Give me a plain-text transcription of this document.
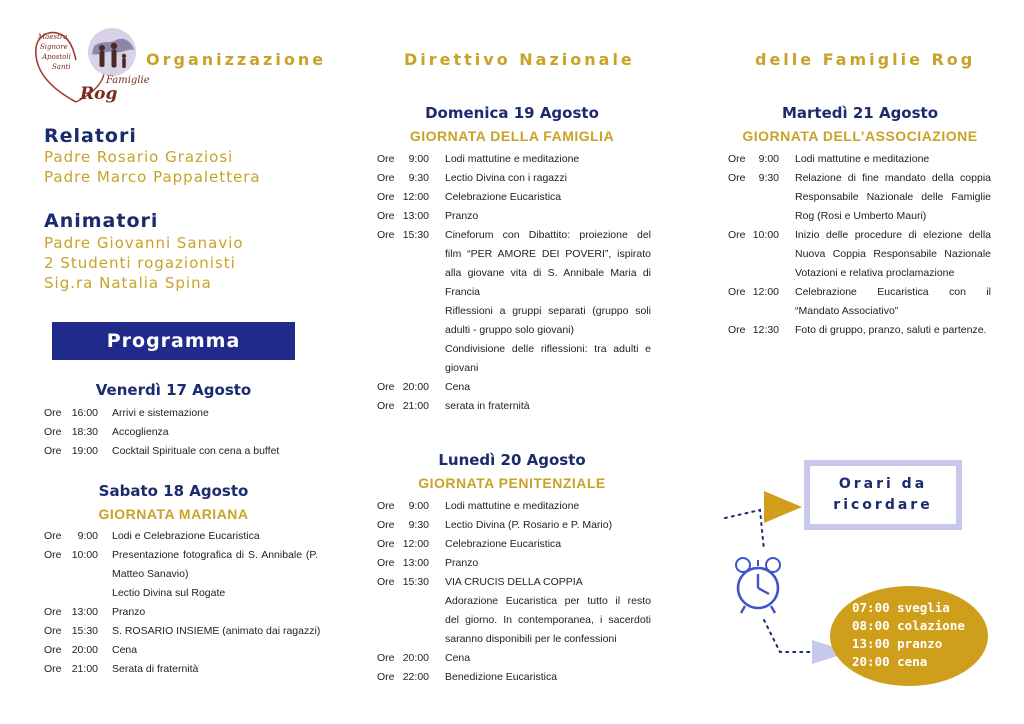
Organizzazione	Direttivo Nazionale	delle Famiglie Rog
Maestra
Signore
Apostoli
Santi
Famiglie
Rog
Relatori
Padre Rosario Graziosi
Padre Marco Pappalettera
Animatori
Padre Giovanni Sanavio
2 Studenti rogazionisti
Sig.ra Natalia Spina
Programma
Venerdì 17 Agosto
Sabato 18 Agosto
GIORNATA MARIANA
Domenica 19 Agosto
GIORNATA DELLA FAMIGLIA
Lunedì 20 Agosto
GIORNATA PENITENZIALE
Martedì 21 Agosto
GIORNATA DELL’ASSOCIAZIONE
Ore 16:00 Arrivi e sistemazione
Ore 18:30 Accoglienza
Ore 19:00 Cocktail Spirituale con cena a buffet
Ore	9:00 Lodi e Celebrazione Eucaristica
Ore 10:00 Presentazione fotografica di S. Annibale (P.
Matteo Sanavio)
Lectio Divina sul Rogate
Ore 13:00 Pranzo
Ore 15:30 S. ROSARIO INSIEME (animato dai ragazzi)
Ore 20:00 Cena
Ore 21:00 Serata di fraternità
Ore	9:00 Lodi mattutine e meditazione
Ore	9:30 Lectio Divina con i ragazzi
Ore 12:00 Celebrazione Eucaristica
Ore 13:00 Pranzo
Ore 15:30 Cineforum con Dibattito: proiezione del
film “PER AMORE DEI POVERI”, ispirato
alla giovane vita di S. Annibale Maria di
Francia
Riflessioni a gruppi separati (gruppo soli
adulti - gruppo solo giovani)
Condivisione delle riflessioni: tra adulti e
giovani
Ore 20:00 Cena
Ore 21:00 serata in fraternità
Ore	9:00 Lodi mattutine e meditazione
Ore	9:30 Lectio Divina (P. Rosario e P. Mario)
Ore 12:00 Celebrazione Eucaristica
Ore 13:00 Pranzo
Ore 15:30 VIA CRUCIS DELLA COPPIA
Adorazione Eucaristica per tutto il resto
del giorno. In contemporanea, i sacerdoti
saranno disponibili per le confessioni
Ore 20:00 Cena
Ore 22:00 Benedizione Eucaristica
Ore	9:00 Lodi mattutine e meditazione
Ore	9:30 Relazione di fine mandato della coppia
Responsabile Nazionale delle Famiglie
Rog (Rosi e Umberto Mauri)
Ore 10:00 Inizio delle procedure di elezione della
Nuova Coppia Responsabile Nazionale
Votazioni e relativa proclamazione
Ore 12:00 Celebrazione Eucaristica con il
“Mandato Associativo”
Ore 12:30 Foto di gruppo, pranzo, saluti e partenze.
Orari da
ricordare
07:00 sveglia
08:00 colazione
13:00 pranzo
20:00 cena
